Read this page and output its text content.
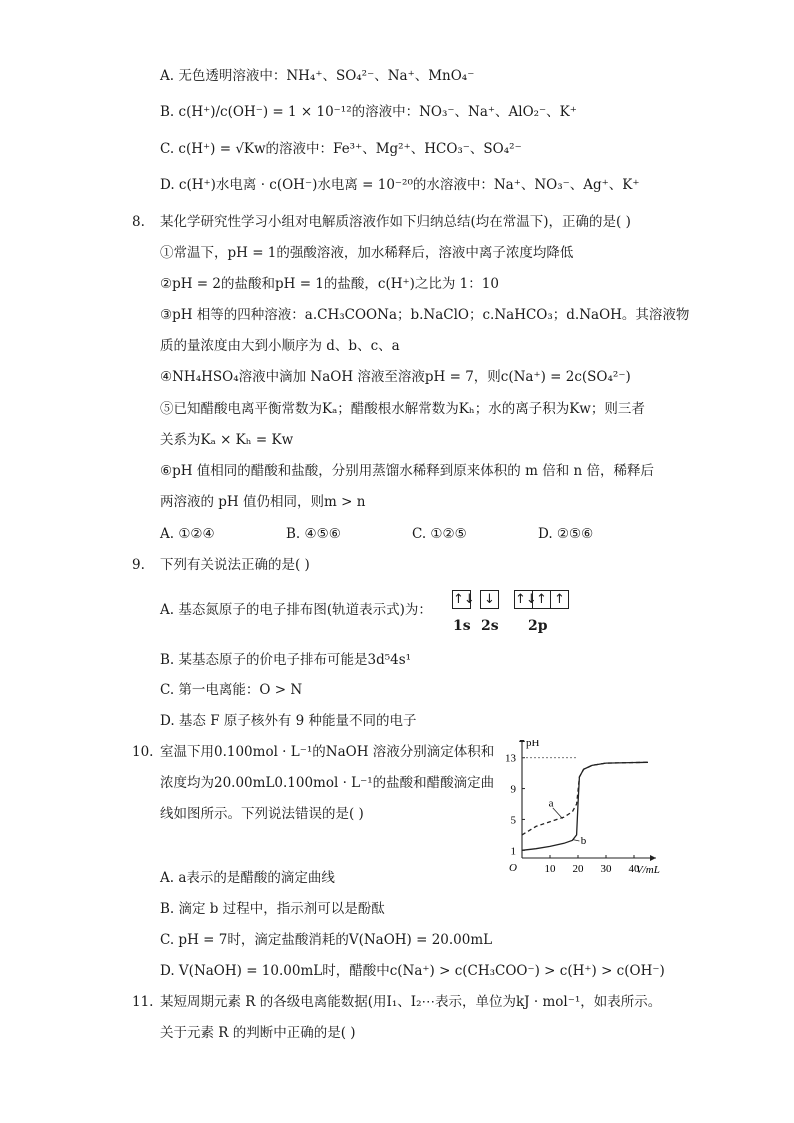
A. 无色透明溶液中：NH₄⁺、SO₄²⁻、Na⁺、MnO₄⁻
B. c(H⁺)/c(OH⁻) = 1 × 10⁻¹²的溶液中：NO₃⁻、Na⁺、AlO₂⁻、K⁺
C. c(H⁺) = √Kw的溶液中：Fe³⁺、Mg²⁺、HCO₃⁻、SO₄²⁻
D. c(H⁺)水电离 · c(OH⁻)水电离 = 10⁻²⁰的水溶液中：Na⁺、NO₃⁻、Ag⁺、K⁺
8. 某化学研究性学习小组对电解质溶液作如下归纳总结(均在常温下)，正确的是( )
①常温下，pH = 1的强酸溶液，加水稀释后，溶液中离子浓度均降低
②pH = 2的盐酸和pH = 1的盐酸，c(H⁺)之比为 1：10
③pH 相等的四种溶液：a.CH₃COONa；b.NaClO；c.NaHCO₃；d.NaOH。其溶液物
质的量浓度由大到小顺序为 d、b、c、a
④NH₄HSO₄溶液中滴加 NaOH 溶液至溶液pH = 7，则c(Na⁺) = 2c(SO₄²⁻)
⑤已知醋酸电离平衡常数为Kₐ；醋酸根水解常数为Kₕ；水的离子积为Kw；则三者
关系为Kₐ × Kₕ = Kw
⑥pH 值相同的醋酸和盐酸，分别用蒸馏水稀释到原来体积的 m 倍和 n 倍，稀释后
两溶液的 pH 值仍相同，则m > n
A. ①②④	B. ④⑤⑥	C. ①②⑤	D. ②⑤⑥
9. 下列有关说法正确的是( )
A. 基态氮原子的电子排布图(轨道表示式)为：
↑↓ ↓	↑↓ ↑ ↑
1s 2s 2p
B. 某基态原子的价电子排布可能是3d⁵4s¹
C. 第一电离能：O > N
D. 基态 F 原子核外有 9 种能量不同的电子
10. 室温下用0.100mol · L⁻¹的NaOH 溶液分别滴定体积和
浓度均为20.00mL0.100mol · L⁻¹的盐酸和醋酸滴定曲
线如图所示。下列说法错误的是( )
pH
V/mL
O	10 20 30 40
1
5
9
13
a
b
A. a表示的是醋酸的滴定曲线
B. 滴定 b 过程中，指示剂可以是酚酞
C. pH = 7时，滴定盐酸消耗的V(NaOH) = 20.00mL
D. V(NaOH) = 10.00mL时，醋酸中c(Na⁺) > c(CH₃COO⁻) > c(H⁺) > c(OH⁻)
11. 某短周期元素 R 的各级电离能数据(用I₁、I₂⋯表示，单位为kJ · mol⁻¹，如表所示。
关于元素 R 的判断中正确的是( )
